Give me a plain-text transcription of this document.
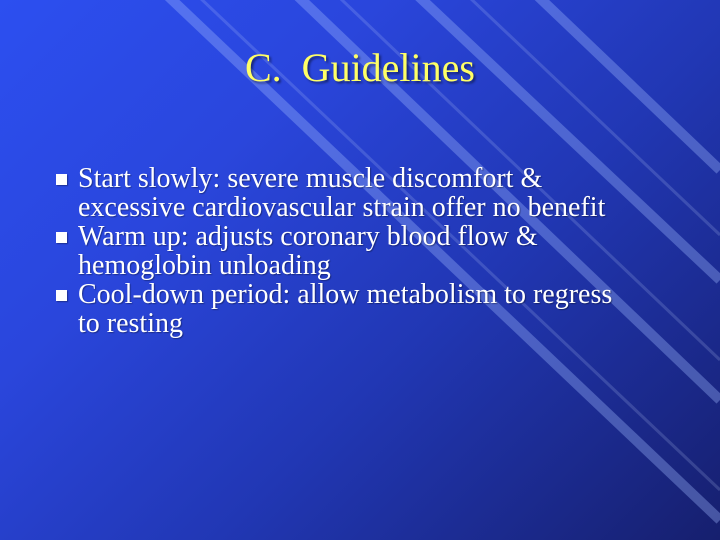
C.  Guidelines
Start slowly: severe muscle discomfort & excessive cardiovascular strain offer no benefit
Warm up: adjusts coronary blood flow & hemoglobin unloading
Cool-down period: allow metabolism to regress to resting
